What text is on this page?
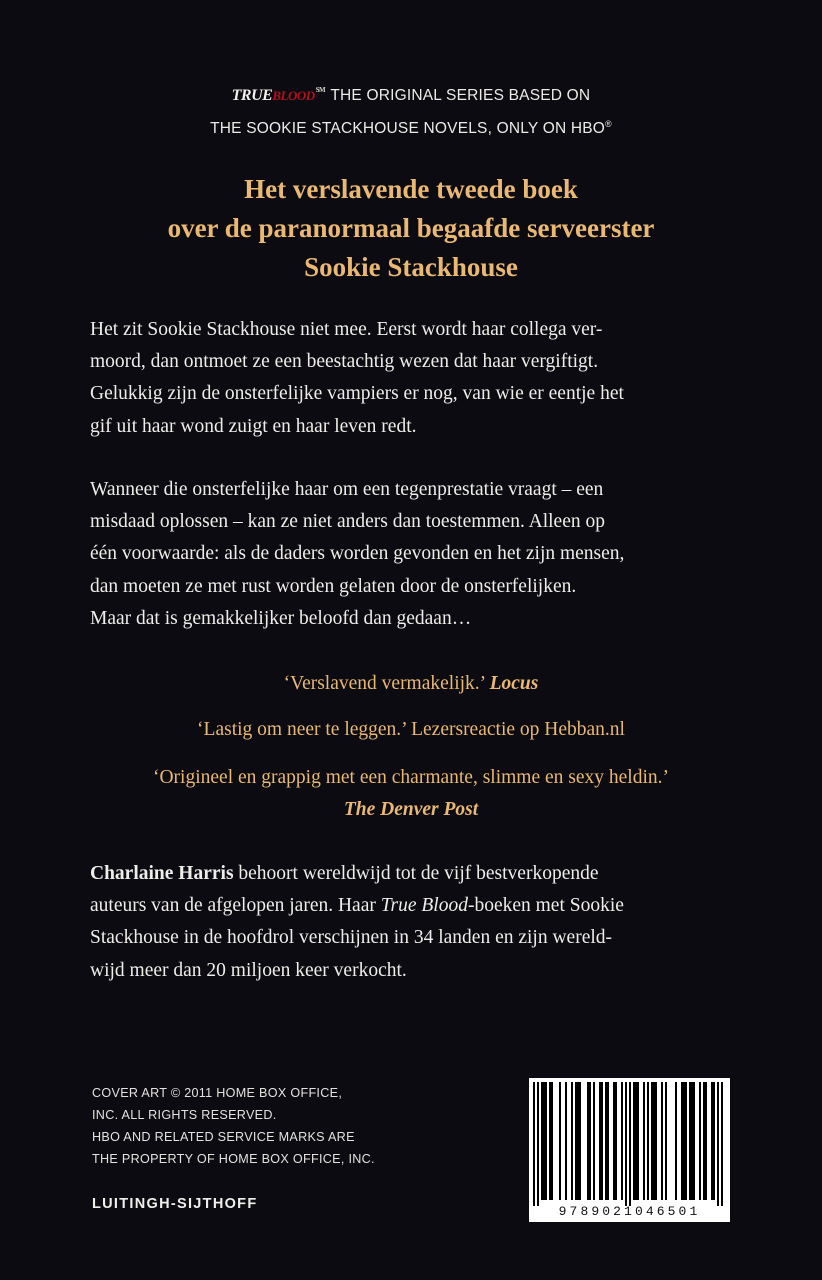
TRUEBLOOD℠ THE ORIGINAL SERIES BASED ON
THE SOOKIE STACKHOUSE NOVELS, ONLY ON HBO®
Het verslavende tweede boek
over de paranormaal begaafde serveerster
Sookie Stackhouse
Het zit Sookie Stackhouse niet mee. Eerst wordt haar collega ver-
moord, dan ontmoet ze een beestachtig wezen dat haar vergiftigt.
Gelukkig zijn de onsterfelijke vampiers er nog, van wie er eentje het
gif uit haar wond zuigt en haar leven redt.
Wanneer die onsterfelijke haar om een tegenprestatie vraagt – een
misdaad oplossen – kan ze niet anders dan toestemmen. Alleen op
één voorwaarde: als de daders worden gevonden en het zijn mensen,
dan moeten ze met rust worden gelaten door de onsterfelijken.
Maar dat is gemakkelijker beloofd dan gedaan…
‘Verslavend vermakelijk.’ Locus
‘Lastig om neer te leggen.’ Lezersreactie op Hebban.nl
‘Origineel en grappig met een charmante, slimme en sexy heldin.’
The Denver Post
Charlaine Harris behoort wereldwijd tot de vijf bestverkopende
auteurs van de afgelopen jaren. Haar True Blood-boeken met Sookie
Stackhouse in de hoofdrol verschijnen in 34 landen en zijn wereld-
wijd meer dan 20 miljoen keer verkocht.
COVER ART © 2011 HOME BOX OFFICE,
INC. ALL RIGHTS RESERVED.
HBO AND RELATED SERVICE MARKS ARE
THE PROPERTY OF HOME BOX OFFICE, INC.
LUITINGH-SIJTHOFF	9789021046501
